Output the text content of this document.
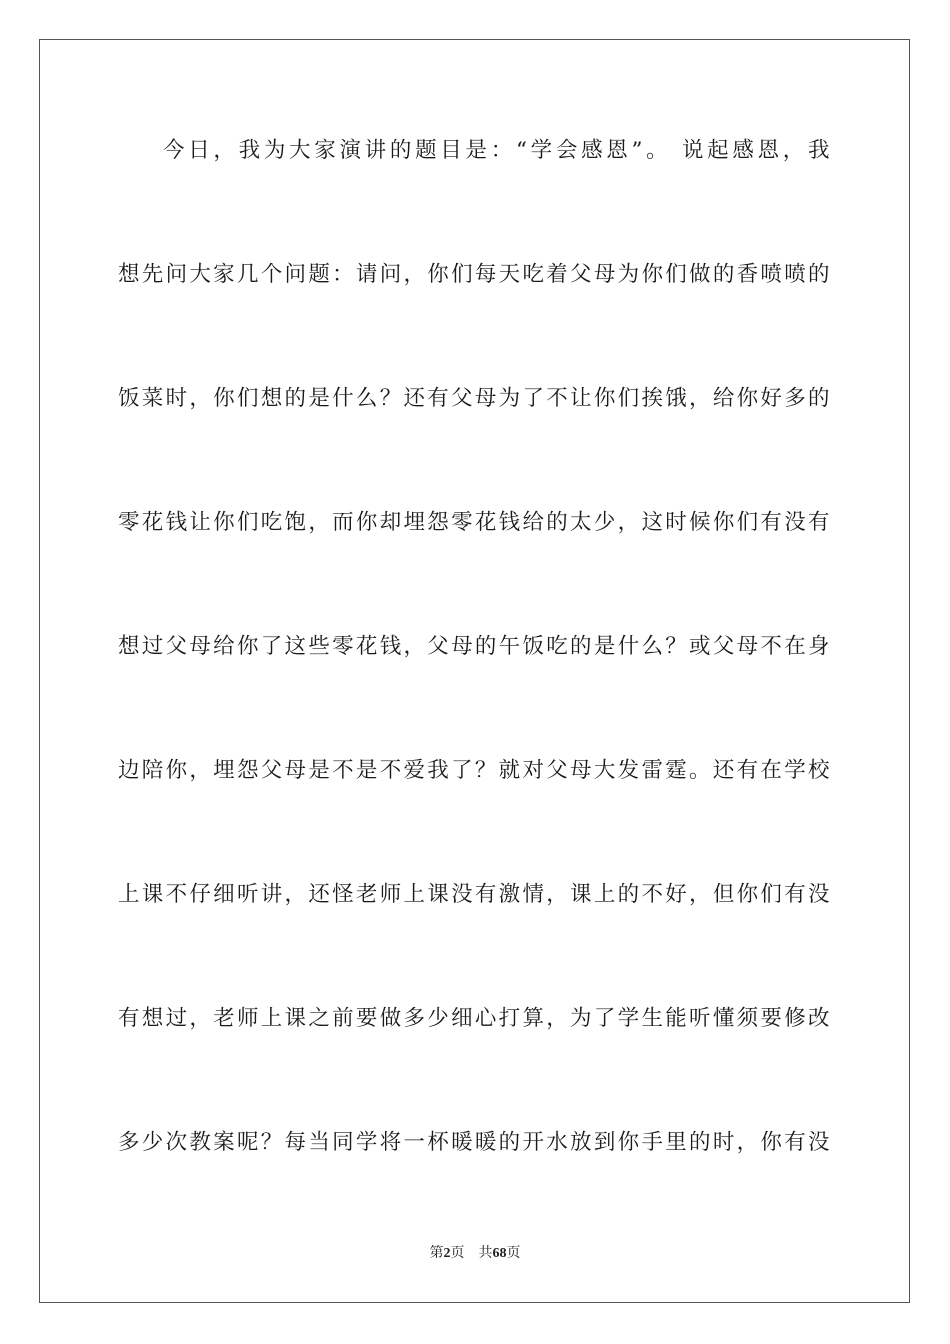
今日，我为大家演讲的题目是：“学会感恩”。 说起感恩，我
想先问大家几个问题：请问，你们每天吃着父母为你们做的香喷喷的
饭菜时，你们想的是什么？还有父母为了不让你们挨饿，给你好多的
零花钱让你们吃饱，而你却埋怨零花钱给的太少，这时候你们有没有
想过父母给你了这些零花钱，父母的午饭吃的是什么？或父母不在身
边陪你，埋怨父母是不是不爱我了？就对父母大发雷霆。还有在学校
上课不仔细听讲，还怪老师上课没有激情，课上的不好，但你们有没
有想过，老师上课之前要做多少细心打算，为了学生能听懂须要修改
多少次教案呢？每当同学将一杯暖暖的开水放到你手里的时，你有没
第2页 共68页
